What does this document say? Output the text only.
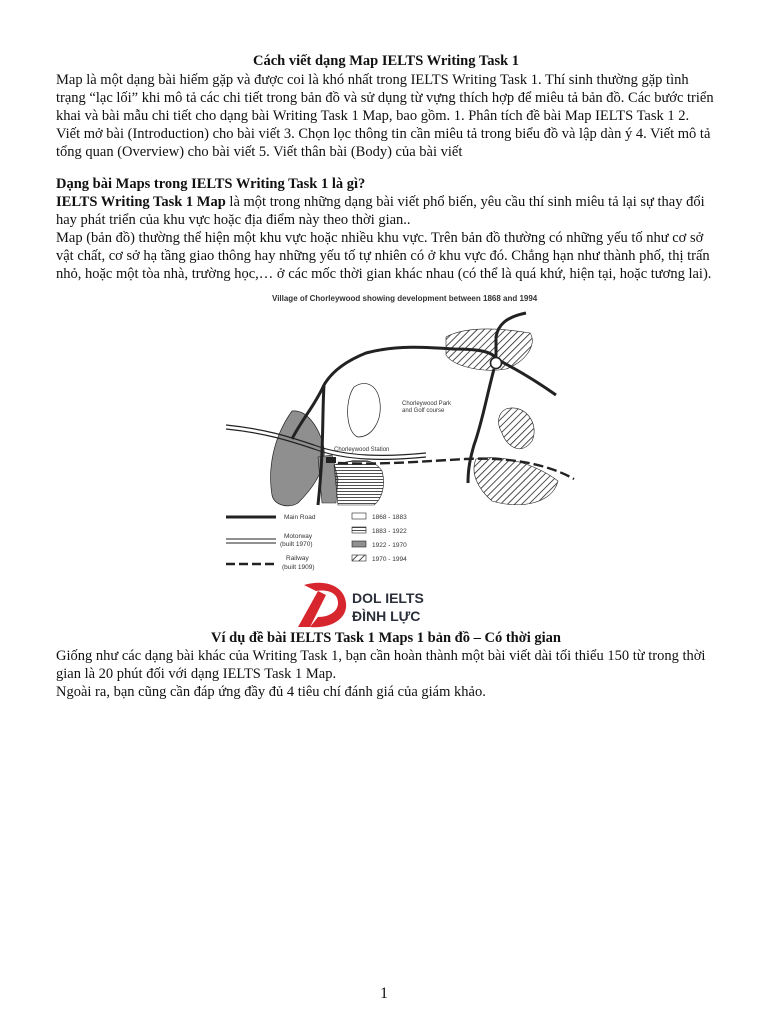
Cách viết dạng Map IELTS Writing Task 1

Map là một dạng bài hiếm gặp và được coi là khó nhất trong IELTS Writing Task 1. Thí sinh thường gặp tình trạng “lạc lối” khi mô tả các chi tiết trong bản đồ và sử dụng từ vựng thích hợp để miêu tả bản đồ. Các bước triển khai và bài mẫu chi tiết cho dạng bài Writing Task 1 Map, bao gồm. 1. Phân tích đề bài Map IELTS Task 1 2. Viết mở bài (Introduction) cho bài viết 3. Chọn lọc thông tin cần miêu tả trong biểu đồ và lập dàn ý 4. Viết mô tả tổng quan (Overview) cho bài viết 5. Viết thân bài (Body) của bài viết

Dạng bài Maps trong IELTS Writing Task 1 là gì?

IELTS Writing Task 1 Map là một trong những dạng bài viết phổ biến, yêu cầu thí sinh miêu tả lại sự thay đổi hay phát triển của khu vực hoặc địa điểm này theo thời gian..

Map (bản đồ) thường thể hiện một khu vực hoặc nhiều khu vực. Trên bản đồ thường có những yếu tố như cơ sở vật chất, cơ sở hạ tầng giao thông hay những yếu tố tự nhiên có ở khu vực đó. Chẳng hạn như thành phố, thị trấn nhỏ, hoặc một tòa nhà, trường học,… ở các mốc thời gian khác nhau (có thể là quá khứ, hiện tại, hoặc tương lai).

Village of Chorleywood showing development between 1868 and 1994
Chorleywood Station
Chorleywood Park
and Golf course
Main Road
Motorway
(built 1970)
Railway
(built 1909)
1868 - 1883
1883 - 1922
1922 - 1970
1970 - 1994
DOL IELTS
ĐÌNH LỰC
Ví dụ đề bài IELTS Task 1 Maps 1 bản đồ – Có thời gian

Giống như các dạng bài khác của Writing Task 1, bạn cần hoàn thành một bài viết dài tối thiểu 150 từ trong thời gian là 20 phút đối với dạng IELTS Task 1 Map.

Ngoài ra, bạn cũng cần đáp ứng đầy đủ 4 tiêu chí đánh giá của giám khảo.

1
